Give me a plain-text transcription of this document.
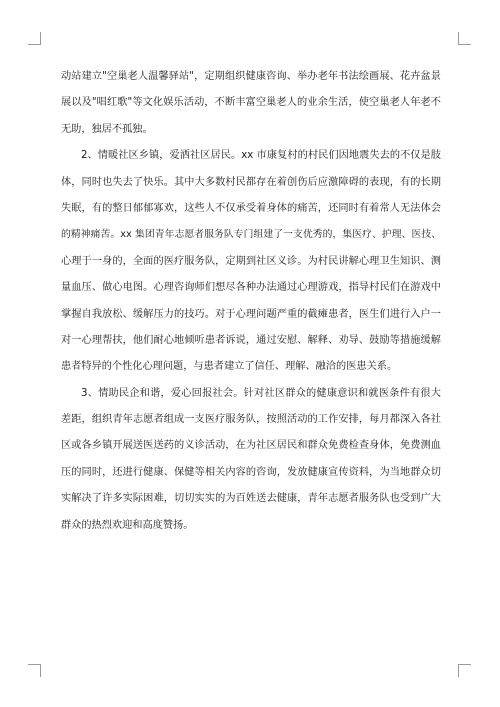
动站建立"空巢老人温馨驿站"，定期组织健康咨询、举办老年书法绘画展、花卉盆景
展以及"唱红歌"等文化娱乐活动，不断丰富空巢老人的业余生活，使空巢老人年老不
无助，独居不孤独。
2、情暖社区乡镇，爱洒社区居民。xx 市康复村的村民们因地震失去的不仅是肢
体，同时也失去了快乐。其中大多数村民都存在着创伤后应激障碍的表现，有的长期
失眠，有的整日郁郁寡欢，这些人不仅承受着身体的痛苦，还同时有着常人无法体会
的精神痛苦。xx 集团青年志愿者服务队专门组建了一支优秀的，集医疗、护理、医技、
心理于一身的，全面的医疗服务队，定期到社区义诊。为村民讲解心理卫生知识、测
量血压、做心电图。心理咨询师们想尽各种办法通过心理游戏，指导村民们在游戏中
掌握自我放松、缓解压力的技巧。对于心理问题严重的截瘫患者，医生们进行入户一
对一心理帮扶，他们耐心地倾听患者诉说，通过安慰、解释、劝导、鼓励等措施缓解
患者特异的个性化心理问题，与患者建立了信任、理解、融洽的医患关系。
3、情助民企和谐，爱心回报社会。针对社区群众的健康意识和就医条件有很大
差距，组织青年志愿者组成一支医疗服务队，按照活动的工作安排，每月都深入各社
区或各乡镇开展送医送药的义诊活动，在为社区居民和群众免费检查身体，免费测血
压的同时，还进行健康、保健等相关内容的咨询，发放健康宣传资料，为当地群众切
实解决了许多实际困难，切切实实的为百姓送去健康，青年志愿者服务队也受到广大
群众的热烈欢迎和高度赞扬。
